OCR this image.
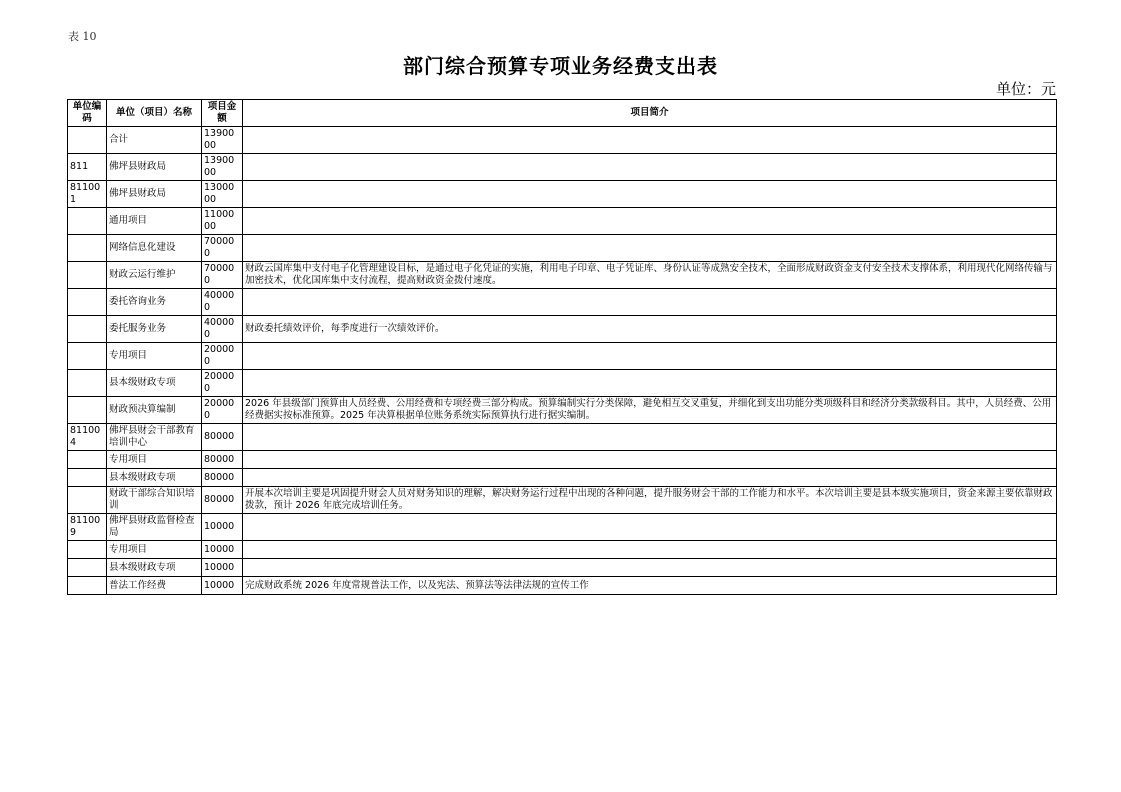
表 10
部门综合预算专项业务经费支出表
单位：元
单位编码	单位（项目）名称	项目金额	项目简介
	合计	1390000	
811	佛坪县财政局	1390000	
811001	佛坪县财政局	1300000	
	通用项目	1100000	
	网络信息化建设	700000	
	财政云运行维护	700000	财政云国库集中支付电子化管理建设目标，是通过电子化凭证的实施，利用电子印章、电子凭证库、身份认证等成熟安全技术，全面形成财政资金支付安全技术支撑体系，利用现代化网络传输与加密技术，优化国库集中支付流程，提高财政资金拨付速度。
	委托咨询业务	400000	
	委托服务业务	400000	财政委托绩效评价，每季度进行一次绩效评价。
	专用项目	200000	
	县本级财政专项	200000	
	财政预决算编制	200000	2026 年县级部门预算由人员经费、公用经费和专项经费三部分构成。预算编制实行分类保障，避免相互交叉重复，并细化到支出功能分类项级科目和经济分类款级科目。其中，人员经费、公用经费据实按标准预算。2025 年决算根据单位账务系统实际预算执行进行据实编制。
811004	佛坪县财会干部教育培训中心	80000	
	专用项目	80000	
	县本级财政专项	80000	
	财政干部综合知识培训	80000	开展本次培训主要是巩固提升财会人员对财务知识的理解，解决财务运行过程中出现的各种问题，提升服务财会干部的工作能力和水平。本次培训主要是县本级实施项目，资金来源主要依靠财政拨款，预计 2026 年底完成培训任务。
811009	佛坪县财政监督检查局	10000	
	专用项目	10000	
	县本级财政专项	10000	
	普法工作经费	10000	完成财政系统 2026 年度常规普法工作，以及宪法、预算法等法律法规的宣传工作
